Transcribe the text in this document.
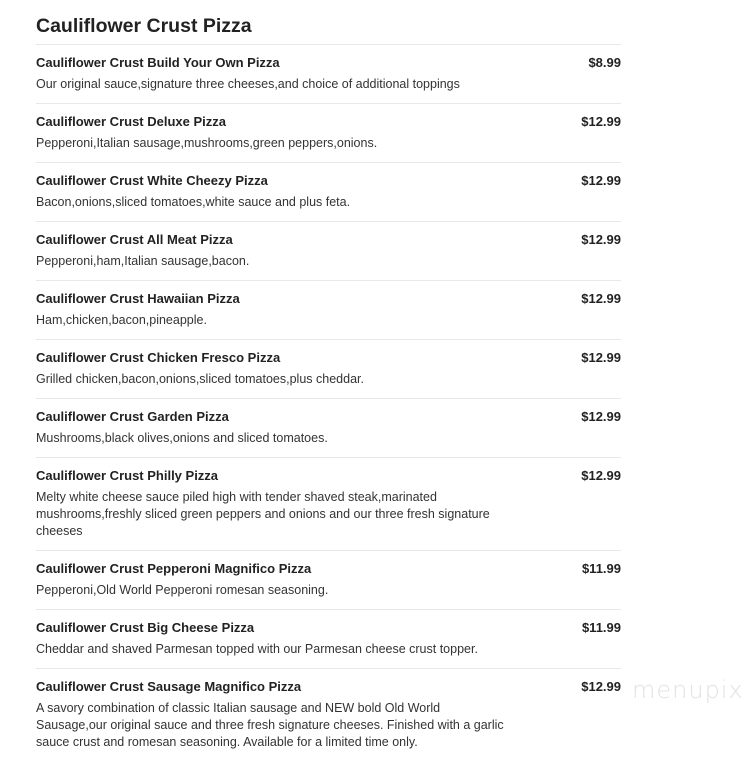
Cauliflower Crust Pizza
Cauliflower Crust Build Your Own Pizza	$8.99
Our original sauce,signature three cheeses,and choice of additional toppings
Cauliflower Crust Deluxe Pizza	$12.99
Pepperoni,Italian sausage,mushrooms,green peppers,onions.
Cauliflower Crust White Cheezy Pizza	$12.99
Bacon,onions,sliced tomatoes,white sauce and plus feta.
Cauliflower Crust All Meat Pizza	$12.99
Pepperoni,ham,Italian sausage,bacon.
Cauliflower Crust Hawaiian Pizza	$12.99
Ham,chicken,bacon,pineapple.
Cauliflower Crust Chicken Fresco Pizza	$12.99
Grilled chicken,bacon,onions,sliced tomatoes,plus cheddar.
Cauliflower Crust Garden Pizza	$12.99
Mushrooms,black olives,onions and sliced tomatoes.
Cauliflower Crust Philly Pizza	$12.99
Melty white cheese sauce piled high with tender shaved steak,marinated mushrooms,freshly sliced green peppers and onions and our three fresh signature cheeses
Cauliflower Crust Pepperoni Magnifico Pizza	$11.99
Pepperoni,Old World Pepperoni romesan seasoning.
Cauliflower Crust Big Cheese Pizza	$11.99
Cheddar and shaved Parmesan topped with our Parmesan cheese crust topper.
Cauliflower Crust Sausage Magnifico Pizza	$12.99
A savory combination of classic Italian sausage and NEW bold Old World Sausage,our original sauce and three fresh signature cheeses. Finished with a garlic sauce crust and romesan seasoning. Available for a limited time only.
menupix
